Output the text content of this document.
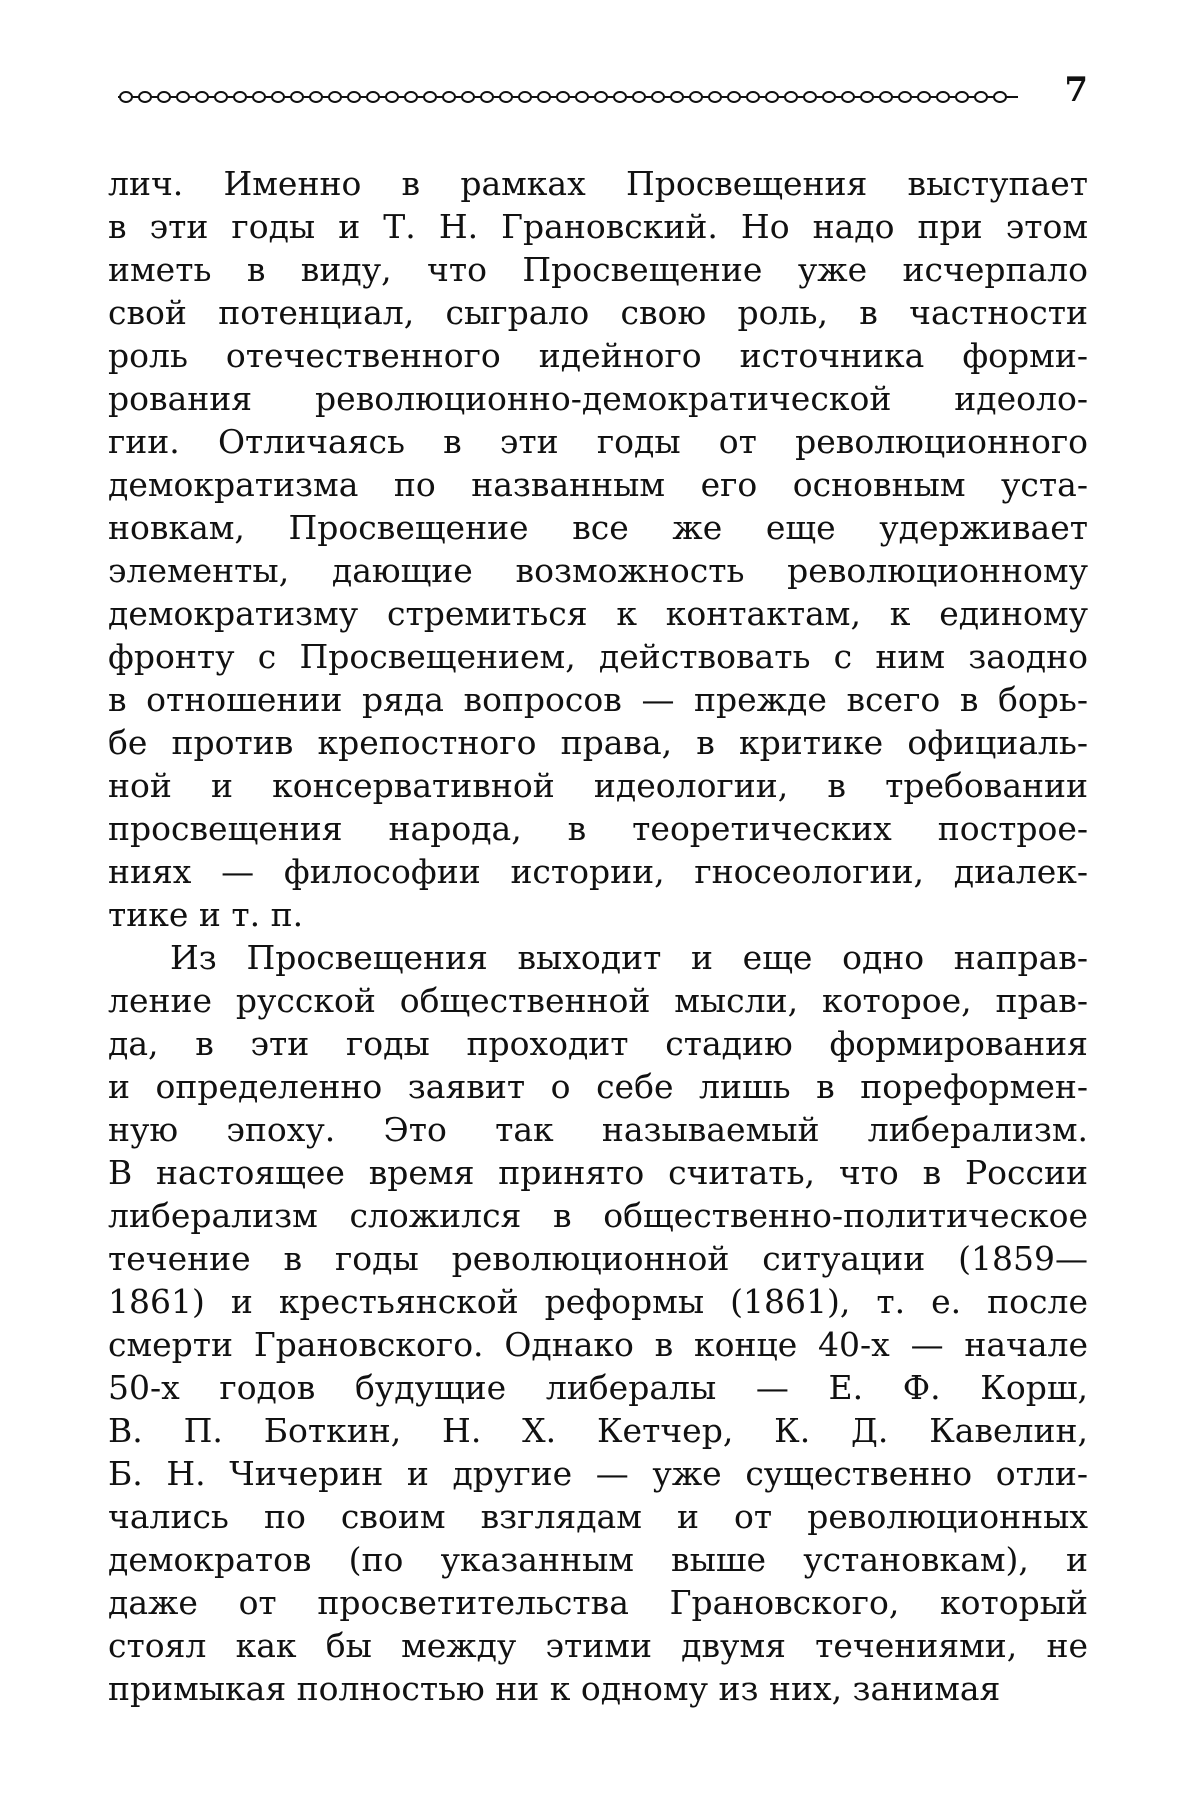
7
лич. Именно в рамках Просвещения выступает
в эти годы и Т. Н. Грановский. Но надо при этом
иметь в виду, что Просвещение уже исчерпало
свой потенциал, сыграло свою роль, в частности
роль отечественного идейного источника форми-
рования революционно-демократической идеоло-
гии. Отличаясь в эти годы от революционного
демократизма по названным его основным уста-
новкам, Просвещение все же еще удерживает
элементы, дающие возможность революционному
демократизму стремиться к контактам, к единому
фронту с Просвещением, действовать с ним заодно
в отношении ряда вопросов — прежде всего в борь-
бе против крепостного права, в критике официаль-
ной и консервативной идеологии, в требовании
просвещения народа, в теоретических построе-
ниях — философии истории, гносеологии, диалек-
тике и т. п.
Из Просвещения выходит и еще одно направ-
ление русской общественной мысли, которое, прав-
да, в эти годы проходит стадию формирования
и определенно заявит о себе лишь в пореформен-
ную эпоху. Это так называемый либерализм.
В настоящее время принято считать, что в России
либерализм сложился в общественно-политическое
течение в годы революционной ситуации (1859—
1861) и крестьянской реформы (1861), т. е. после
смерти Грановского. Однако в конце 40-х — начале
50-х годов будущие либералы — Е. Ф. Корш,
В. П. Боткин, Н. Х. Кетчер, К. Д. Кавелин,
Б. Н. Чичерин и другие — уже существенно отли-
чались по своим взглядам и от революционных
демократов (по указанным выше установкам), и
даже от просветительства Грановского, который
стоял как бы между этими двумя течениями, не
примыкая полностью ни к одному из них, занимая
